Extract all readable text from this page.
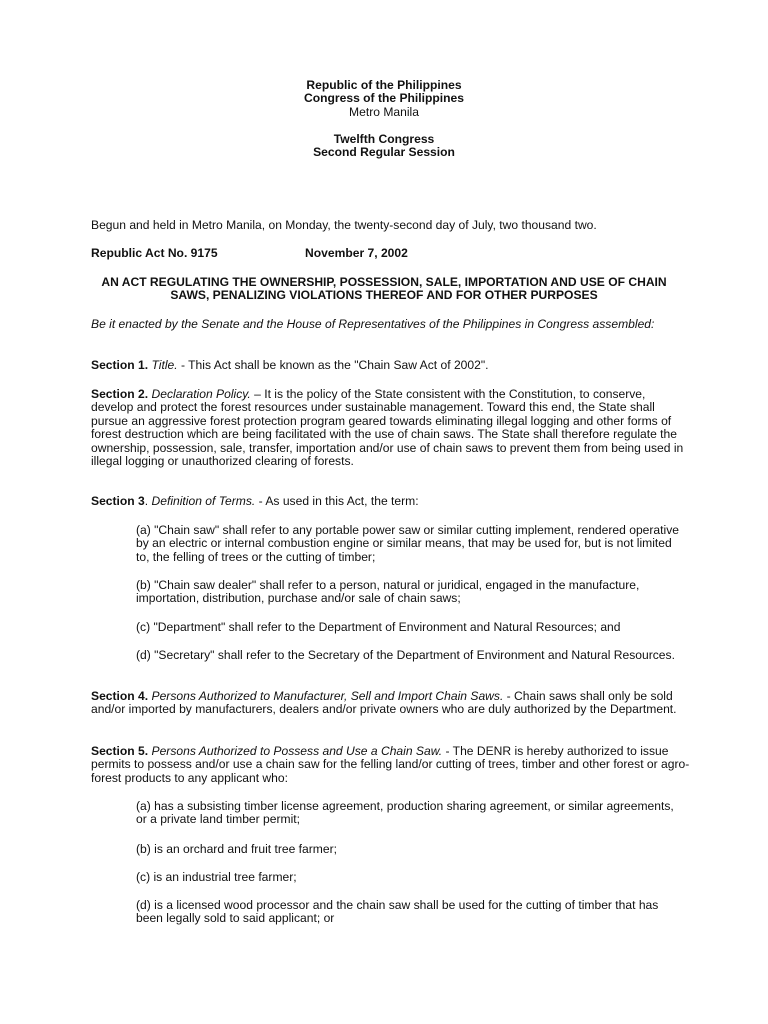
Republic of the Philippines
Congress of the Philippines
Metro Manila
Twelfth Congress
Second Regular Session
Begun and held in Metro Manila, on Monday, the twenty-second day of July, two thousand two.
Republic Act No. 9175	November 7, 2002
AN ACT REGULATING THE OWNERSHIP, POSSESSION, SALE, IMPORTATION AND USE OF CHAIN SAWS, PENALIZING VIOLATIONS THEREOF AND FOR OTHER PURPOSES
Be it enacted by the Senate and the House of Representatives of the Philippines in Congress assembled:
Section 1. Title. - This Act shall be known as the "Chain Saw Act of 2002".
Section 2. Declaration Policy. – It is the policy of the State consistent with the Constitution, to conserve, develop and protect the forest resources under sustainable management. Toward this end, the State shall pursue an aggressive forest protection program geared towards eliminating illegal logging and other forms of forest destruction which are being facilitated with the use of chain saws. The State shall therefore regulate the ownership, possession, sale, transfer, importation and/or use of chain saws to prevent them from being used in illegal logging or unauthorized clearing of forests.
Section 3. Definition of Terms. - As used in this Act, the term:
(a) "Chain saw" shall refer to any portable power saw or similar cutting implement, rendered operative by an electric or internal combustion engine or similar means, that may be used for, but is not limited to, the felling of trees or the cutting of timber;
(b) "Chain saw dealer" shall refer to a person, natural or juridical, engaged in the manufacture, importation, distribution, purchase and/or sale of chain saws;
(c) "Department" shall refer to the Department of Environment and Natural Resources; and
(d) "Secretary" shall refer to the Secretary of the Department of Environment and Natural Resources.
Section 4. Persons Authorized to Manufacturer, Sell and Import Chain Saws. - Chain saws shall only be sold and/or imported by manufacturers, dealers and/or private owners who are duly authorized by the Department.
Section 5. Persons Authorized to Possess and Use a Chain Saw. - The DENR is hereby authorized to issue permits to possess and/or use a chain saw for the felling land/or cutting of trees, timber and other forest or agro-forest products to any applicant who:
(a) has a subsisting timber license agreement, production sharing agreement, or similar agreements, or a private land timber permit;
(b) is an orchard and fruit tree farmer;
(c) is an industrial tree farmer;
(d) is a licensed wood processor and the chain saw shall be used for the cutting of timber that has been legally sold to said applicant; or
